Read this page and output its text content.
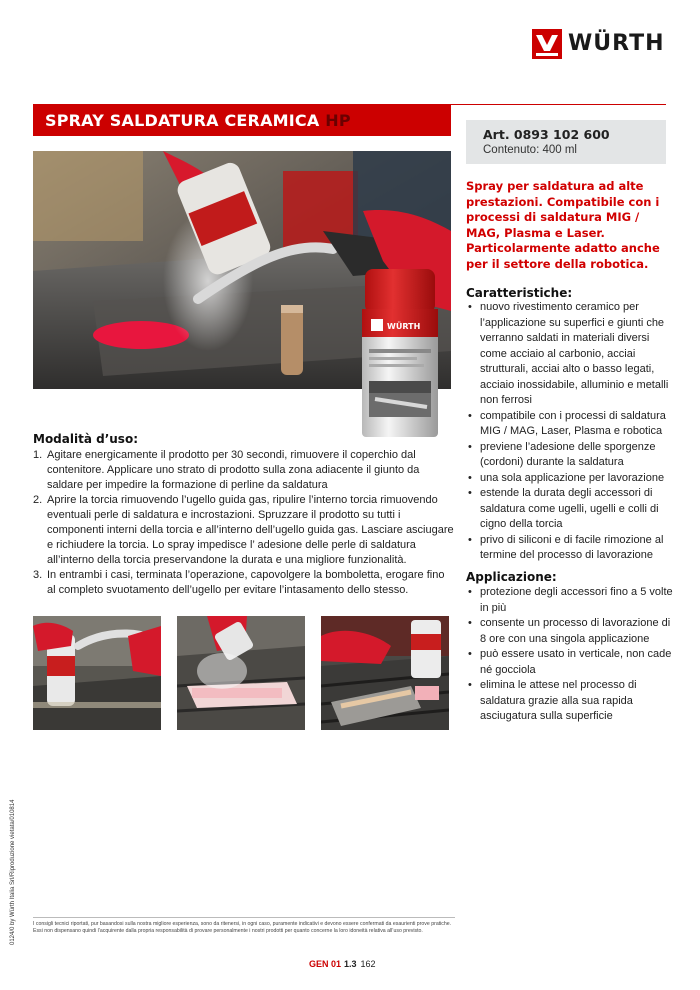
WÜRTH
SPRAY SALDATURA CERAMICA HP
Art. 0893 102 600
Contenuto: 400 ml
WÜRTH
Spray per saldatura ad alte prestazioni. Compatibile con i processi di saldatura MIG / MAG, Plasma e Laser. Particolarmente adatto anche per il settore della robotica.
Caratteristiche:
• nuovo rivestimento ceramico per l’applicazione su superfici e giunti che verranno saldati in materiali diversi come acciaio al carbonio, acciai strutturali, acciai alto o basso legati, acciaio inossidabile, alluminio e metalli non ferrosi
• compatibile con i processi di saldatura MIG / MAG, Laser, Plasma e robotica
• previene l’adesione delle sporgenze (cordoni) durante la saldatura
• una sola applicazione per lavorazione
• estende la durata degli accessori di saldatura come ugelli, ugelli e colli di cigno della torcia
• privo di siliconi e di facile rimozione al termine del processo di lavorazione
Applicazione:
• protezione degli accessori fino a 5 volte in più
• consente un processo di lavorazione di 8 ore con una singola applicazione
• può essere usato in verticale, non cade né gocciola
• elimina le attese nel processo di saldatura grazie alla sua rapida asciugatura sulla superficie
Modalità d’uso:
1. Agitare energicamente il prodotto per 30 secondi, rimuovere il coperchio dal contenitore. Applicare uno strato di prodotto sulla zona adiacente il giunto da saldare per impedire la formazione di perline da saldatura
2. Aprire la torcia rimuovendo l’ugello guida gas, ripulire l’interno torcia rimuovendo eventuali perle di saldatura e incrostazioni. Spruzzare il prodotto su tutti i componenti interni della torcia e all’interno dell’ugello guida gas. Lasciare asciugare e richiudere la torcia. Lo spray impedisce l’ adesione delle perle di saldatura all’interno della torcia preservandone la durata e una migliore funzionalità.
3. In entrambi i casi, terminata l’operazione, capovolgere la bomboletta, erogare fino al completo svuotamento dell’ugello per evitare l’intasamento dello stesso.
0124/0 by Würth Italia Srl/Riproduzione vietata/010814	I consigli tecnici riportati, pur basandosi sulla nostra migliore esperienza, sono da ritenersi, in ogni caso, puramente indicativi e devono essere confermati da esaurienti prove pratiche. Essi non dispensano quindi l’acquirente dalla propria responsabilità di provare personalmente i nostri prodotti per quanto concerne la loro idoneità relativa all’uso previsto.
GEN 01 1.3 162
